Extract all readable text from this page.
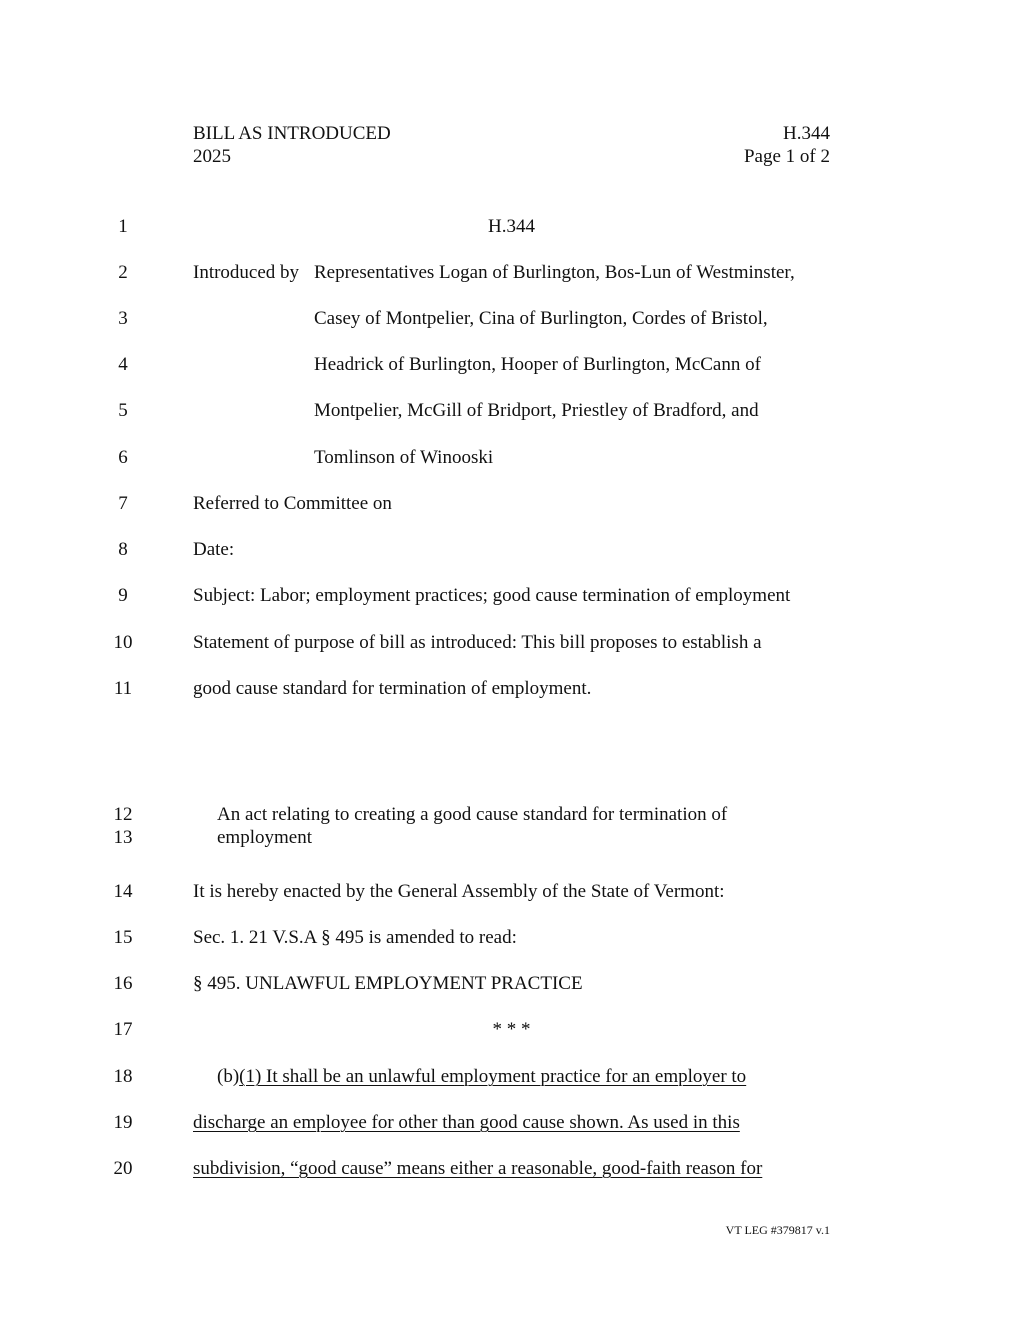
BILL AS INTRODUCED	H.344
2025	Page 1 of 2
1
2
3
4
5
6
7
8
9
10
11
12
13
14
15
16
17
18
19
20
H.344
Introduced by Representatives Logan of Burlington, Bos-Lun of Westminster,
Casey of Montpelier, Cina of Burlington, Cordes of Bristol,
Headrick of Burlington, Hooper of Burlington, McCann of
Montpelier, McGill of Bridport, Priestley of Bradford, and
Tomlinson of Winooski
Referred to Committee on
Date:
Subject: Labor; employment practices; good cause termination of employment
Statement of purpose of bill as introduced: This bill proposes to establish a
good cause standard for termination of employment.
An act relating to creating a good cause standard for termination of
employment
It is hereby enacted by the General Assembly of the State of Vermont:
Sec. 1. 21 V.S.A § 495 is amended to read:
§ 495. UNLAWFUL EMPLOYMENT PRACTICE
* * *
(b)(1) It shall be an unlawful employment practice for an employer to
discharge an employee for other than good cause shown. As used in this
subdivision, “good cause” means either a reasonable, good-faith reason for
VT LEG #379817 v.1
